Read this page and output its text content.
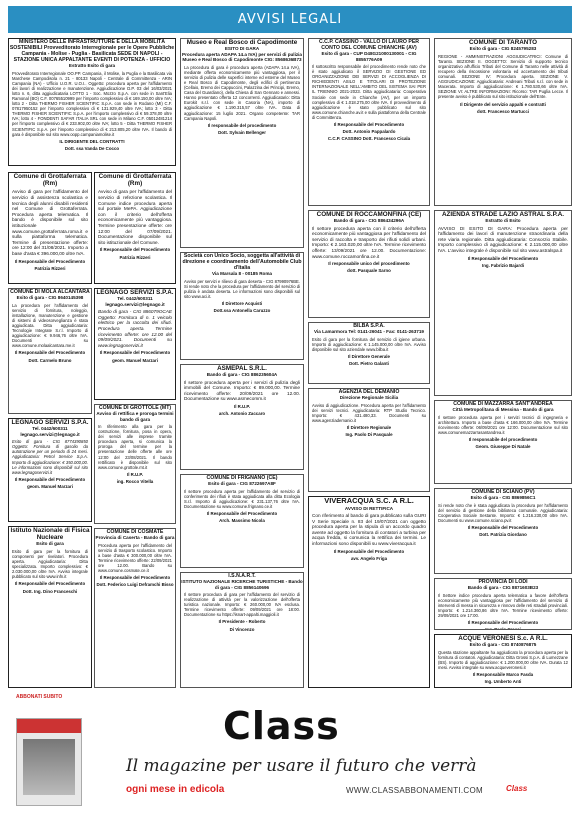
AVVISI LEGALI
MINISTERO DELLE INFRASTRUTTURE E DELLA MOBILITÀ SOSTENIBILI Provveditorato Interregionale per le Opere Pubbliche Campania - Molise - Puglia - Basilicata SEDE DI NAPOLI - STAZIONE UNICA APPALTANTE EVENTI DI POTENZA - UFFICIO
Estratto Esito di gara
Provveditorato Interregionale OO.PP. Campania, il Molise, la Puglia e la Basilicata via Marchese Campodisola n. 21 - 80133 Napoli - Centrale di Committenza - ARIN Campania (NA) - Ufficio U.O.R. U.O.I.. Oggetto: procedura aperta per l'affidamento dei lavori di realizzazione e manutenzione. Aggiudicazione D.P. 03 del 16/03/2021 lotto n. 6, ditta aggiudicataria LOTTO 1 - Soc. Mozzo S.p.A. con sede in Sant'Elia Ramonal (BO) C.F. 00765510999 per l'importo complessivo di € 169.150,00 oltre IVA; lotto 2 - Ditta THERMO FISHER SCIENTIFIC S.p.A. con sede in Rodano (MI) C.F. 07817950152 per l'importo complessivo di € 131.929,40 oltre IVA; lotto 3 - Ditta THERMO FISHER SCIENTIFIC S.p.A. per l'importo complessivo di € 59.378,00 oltre IVA; lotto 4 - FONDENTI SAFAR ITALIA SRL con sede in Milano C.F. 05012481214 per l'importo complessivo di € 233.902,00 oltre IVA; lotto 5 - Ditta THERMO FISHER SCIENTIFIC S.p.A. per l'importo complessivo di € 213.805,20 oltre IVA. Il bando di gara è disponibile sul sito www.oopp.campaniamolise.it
IL DIRIGENTE DEL CONTRATTI
Dott. ssa Vanda De Cocco
Museo e Real Bosco di Capodimonte
ESITO DI GARA
Procedura aperta ADAPA 14.a IVA) per servizi di pulizia Museo e Real Bosco di Capodimonte CIG: 8568636B73
La procedura di gara è procedura aperta (ADAPA 14.a IVA), mediante offerta economicamente più vantaggiosa, per il servizio di pulizia delle superfici interne ed esterne del Museo e Real Bosco di Capodimonte, degli edifici di pertinenza (Cellaio, Eremo dei Cappuccini, Palazzina dei Principi, Eremo, Casa del Guardiano), della Chiesa di San Gennaro e annessi. Hanno presentato offerta 12 concorrenti. Aggiudicatario: Ditta Eurokit s.r.l. con sede in Casoria (NA), importo di aggiudicazione € 1.190.315,57 oltre IVA. Data di aggiudicazione: 15 luglio 2021. Organo competente: TAR Campania Napoli.
Il responsabile del procedimento
Dott. Sylvain Bellenger
C.C.P. CASSINO - VALLO DI LAURO PER CONTO DEL COMUNE CHIANCHE (AV)
Esito di gara - CUP D48G21000130001 - CIG 8855776A09
Il sottoscritto responsabile del procedimento rende noto che è stato aggiudicato il SERVIZIO DI GESTIONE ED ORGANIZZAZIONE DEI SERVIZI DI ACCOGLIENZA DI RICHIEDENTI ASILO E TITOLARI DI PROTEZIONE INTERNAZIONALE NELL'AMBITO DEL SISTEMA SAI PER IL TRIENNIO 2021-2023. Ditta aggiudicataria: Cooperativa Sociale con sede in Chianche (AV), per un importo complessivo di € 1.018.275,00 oltre IVA. Il provvedimento di aggiudicazione è stato pubblicato sul sito www.comune.chianche.av.it e sulla piattaforma della Centrale di Committenza.
Il Responsabile del Procedimento
Dott. Antonio Pappalardo
C.C.P. CASSINO Dott. Francesco Cicala
COMUNE DI TARANTO
Esito di gara - CIG 8245795283
REGIONE - AMMINISTRAZIONI AGGIUDICATRICI: Comune di Taranto. SEZIONE II. OGGETTO: Servizio di supporto tecnico organizzativo all'ufficio Tributi del Comune di Taranto nelle attività di recupero della riscossione volontaria ed accertamento dei tributi comunali. SEZIONE IV: Procedura aperta. SEZIONE V. AGGIUDICAZIONE: Aggiudicatario: Andreani Tributi s.r.l. con sede in Macerata. Importo di aggiudicazione: € 1.780.530,66 oltre IVA. SEZIONE VI: ALTRE INFORMAZIONI: Ricorso: TAR Puglia Lecce. Il presente avviso è pubblicato sul sito istituzionale dell'Ente.
Il Dirigente del servizio appalti e contratti
dott. Francesco Martucci
Comune di Grottaferrata (Rm)
Avviso di gara per l'affidamento del servizio di assistenza scolastica e tecnica degli alunni disabili residenti nel Comune di Grottaferrata. Procedura aperta telematica. Il bando è disponibile sul sito istituzionale www.comune.grottaferrata.roma.it e sulla piattaforma telematica. Termine di presentazione offerte: ore 12:00 del 31/08/2021. Importo a base d'asta € 396.000,00 oltre IVA.
Il Responsabile del Procedimento
Patrizia Rizzeri
Comune di Grottaferrata (Rm)
Avviso di gara per l'affidamento del servizio di refezione scolastica. Il Comune indice procedura aperta sul portale MePA. Aggiudicazione con il criterio dell'offerta economicamente più vantaggiosa. Termine presentazione offerte: ore 12:00 del 07/09/2021. Documentazione disponibile sul sito istituzionale del Comune.
Il Responsabile del Procedimento
Patrizia Rizzeri	Società con Unico Socio, soggetta all'attività di direzione e coordinamento dell'Automobile Club d'Italia
Via Marsala 8 - 00185 Roma
Avviso per servizi e rilievo di gara deserta - CIG 87990976BE. Si rende noto che la procedura per l'affidamento del servizio di pulizia è andata deserta. Le informazioni sono disponibili sul sito www.aci.it.
Il Direttore Acquisti
Dott.ssa Antonella Caruzzo
COMUNE DI ROCCAMONFINA (CE)
Bando di gara - CIG 886434296A
Il settore procedura aperta con il criterio dell'offerta economicamente più vantaggiosa per l'affidamento del servizio di raccolta e trasporto dei rifiuti solidi urbani. Importo: € 2.163.020,00 oltre IVA. Termine ricevimento offerte: 13/09/2021 ore 12.00. Documentazione: www.comune.roccamonfina.ce.it
Il responsabile unico del procedimento
dott. Pasquale Sarno
AZIENDA STRADE LAZIO ASTRAL S.P.A.
Estratto di Esito
AVVISO DI ESITO DI GARA: Procedura aperta per l'affidamento dei lavori di manutenzione straordinaria della rete viaria regionale. Ditta aggiudicataria: Consorzio Stabile. Importo complessivo di aggiudicazione: € 2.115.000,00 oltre IVA. L'avviso integrale è disponibile sul sito www.astralspa.it
Il Responsabile del Procedimento
Ing. Fabrizio Bajardi
COMUNE DI MOLA ALCANTARA
Esito di gara - CIG 8640145398
La procedura per l'affidamento del servizio di fornitura, noleggio, installazione, manutenzione e gestione di sistemi di videosorveglianza è stata aggiudicata. Ditta aggiudicataria: Tecnologie Integrate S.r.l. Importo di aggiudicazione: € 9.946,76 oltre IVA. Documenti su www.comune.molaalcantara.me.it
Il Responsabile del Procedimento
Dott. Carmelo Bruno
LEGNAGO SERVIZI S.P.A.
Tel. 0442/600311 legnago.servizi@legnago.it
Bando di gara - CIG 886079OCAE Oggetto: Fornitura di n. 1 veicolo elettrico per la raccolta dei rifiuti. Procedura aperta. Termine ricevimento offerte: ore 12.00 del 09/09/2021. Documenti su www.legnagoservizi.it
Il Responsabile del Procedimento
geom. Manuel Marzari
ASMEPAL S.R.L.
Bando di gara - CIG 886235604A
Il settore procedura aperta per i servizi di pulizia degli immobili del Comune. Importo: € 89.000,00. Termine ricevimento offerte: 20/09/2021 ore 12.00. Documentazione su www.asmecomm.it
Il R.U.P.
arch. Antonio Zaccaro
BILBA S.P.A.
Via Lamarmora Tel: 0141-26041 - Fax: 0141-263719
Esito di gara per la fornitura del servizio di igiene urbana. Importo di aggiudicazione: € 1.145.000,00 oltre IVA. Avviso disponibile sul sito aziendale www.bilba.it
Il Direttore Generale
Dott. Pietro Galanti
AGENZIA DEL DEMANIO
Direzione Regionale Sicilia
Avviso di aggiudicazione. Procedura aperta per l'affidamento dei servizi tecnici. Aggiudicataria: RTP Studio Tecnico. Importo: € 431.480,33. Documenti su www.agenziademanio.it
Il Direttore Regionale
Ing. Paolo Di Pasquale
COMUNE DI MAZZARRÀ SANT'ANDREA
Città Metropolitana di Messina - Bando di gara
Il settore procedura aperta per i servizi tecnici di ingegneria e architettura. Importo a base d'asta € 166.000,00 oltre IVA. Termine ricevimento offerte: 06/09/2021 ore 12:00. Documentazione sul sito www.comunemazzarrasantandrea.it
Il responsabile del procedimento
Geom. Giuseppe Di Natale
LEGNAGO SERVIZI S.P.A.
Tel. 0442/600311 legnago.servizi@legnago.it
Esito di gara - CIG 8774390850 Oggetto: Fornitura di gasolio da autotrazione per un periodo di 24 mesi. Aggiudicataria: Petrol Service S.p.A. Importo di aggiudicazione: € 350.000,00. Le informazioni sono disponibili sul sito www.legnagoservizi.it
Il Responsabile del Procedimento
geom. Manuel Marzari
COMUNE DI GROTTOLE (MT)
Avviso di rettifica e proroga termini bando di gara
In riferimento alla gara per la costruzione, fornitura, posa in opera, dei servizi alle imprese tramite procedura aperta, si comunica la proroga del termine per la presentazione delle offerte alle ore 12:00 del 23/08/2021. Il bando rettificato è disponibile sul sito www.comune.grottole.mt.it
Il R.U.P.
ing. Rocco Vitella
COMUNE DI FRIGNANO (CE)
Esito di gara - CIG 8722697A8F
Il settore procedura aperta per l'affidamento del servizio di conferimento dei rifiuti è stata aggiudicata alla ditta Ecologia S.r.l. Importo di aggiudicazione: € 231.137,76 oltre IVA. Documentazione su www.comune.frignano.ce.it
Il Responsabile del Procedimento
Arch. Massimo Nicola
COMUNE DI SCIANO (PV)
Esito di gara - CIG 8869856C1
Si rende noto che è stata aggiudicata la procedura per l'affidamento del servizio di gestione della biblioteca comunale. Aggiudicataria: Cooperativa Sociale Sestante. Importo: € 1.216.230,00 oltre IVA. Documenti su www.comune.sciano.pv.it
Il Responsabile del Procedimento
Dott. Patrizia Giordano
Istituto Nazionale di Fisica Nucleare
Esito di gara
Esito di gara per la fornitura di componenti per rivelatori. Procedura aperta. Aggiudicataria: Ditta specializzata. Importo complessivo: € 2.030.000,00 oltre IVA. Avviso integrale pubblicato sul sito www.infn.it
Il Responsabile del Procedimento
Dott. Ing. Dino Franceschi
COMUNE DI COSMATE
Provincia di Caserta - Bando di gara
Procedura aperta per l'affidamento del servizio di trasporto scolastico. Importo a base d'asta € 300.000,00 oltre IVA. Termine ricevimento offerte: 22/09/2021 ore 12.00. Bando su www.comune.cosmate.ce.it
Il Responsabile del Procedimento
Dott. Federico Luigi Deframchi Bisso
I.S.N.A.R.T.
ISTITUTO NAZIONALE RICERCHE TURISTICHE - Bando di gara - CIG 8856140696
Il settore procedura di gara per l'affidamento del servizio di realizzazione di attività per la valorizzazione dell'offerta turistica nazionale. Importo: € 260.000,00 IVA esclusa. Termine ricevimento offerte: 09/09/2021 ore 18:00. Documentazione su https://isnart-appalti.maggioli.it
Il Presidente - Roberto
Di Vincenzo
VIVERACQUA S.C. A R.L.
AVVISO DI RETTIFICA
Con riferimento al bando di gara pubblicato sulla GURI V Serie Speciale n. 83 del 19/07/2021 con oggetto procedura aperta per la stipula di un accordo quadro avente ad oggetto la fornitura di contatori a turbina per acqua fredda, si comunica la rettifica dei termini. Le informazioni sono disponibili su www.viveracqua.it
Il Responsabile del Procedimento
avv. Angelo Friga
PROVINCIA DI LODI
Bando di gara - CIG 8871603B23
Il Settore indice procedura aperta telematica a favore dell'offerta economicamente più vantaggiosa per l'affidamento del servizio di interventi di messa in sicurezza e rinnovo delle reti stradali provinciali. Importo: € 1.214.360,86 oltre IVA. Termine ricevimento offerte: 29/09/2021 ore 17:00.
Il Responsabile del Procedimento
Ing. Paolo Cresci
ACQUE VERONESI S.c. A R.L.
Esito di gara - CIG 8740876875
Questa stazione appaltante ha aggiudicato la procedura aperta per la fornitura di contatori. Aggiudicataria: Ditta Grossi S.p.A. di Lumezzane (BS). Importo di aggiudicazione: € 1.200.000,00 oltre IVA. Durata 12 mesi. Avviso integrale su www.acqueveronesi.it
Il Responsabile Marco Fasda
Ing. Umberto Anti
Class
Il magazine per usare il futuro che verrà
ogni mese in edicola	WWW.CLASSABBONAMENTI.COM
ABBONATI SUBITO
Class
